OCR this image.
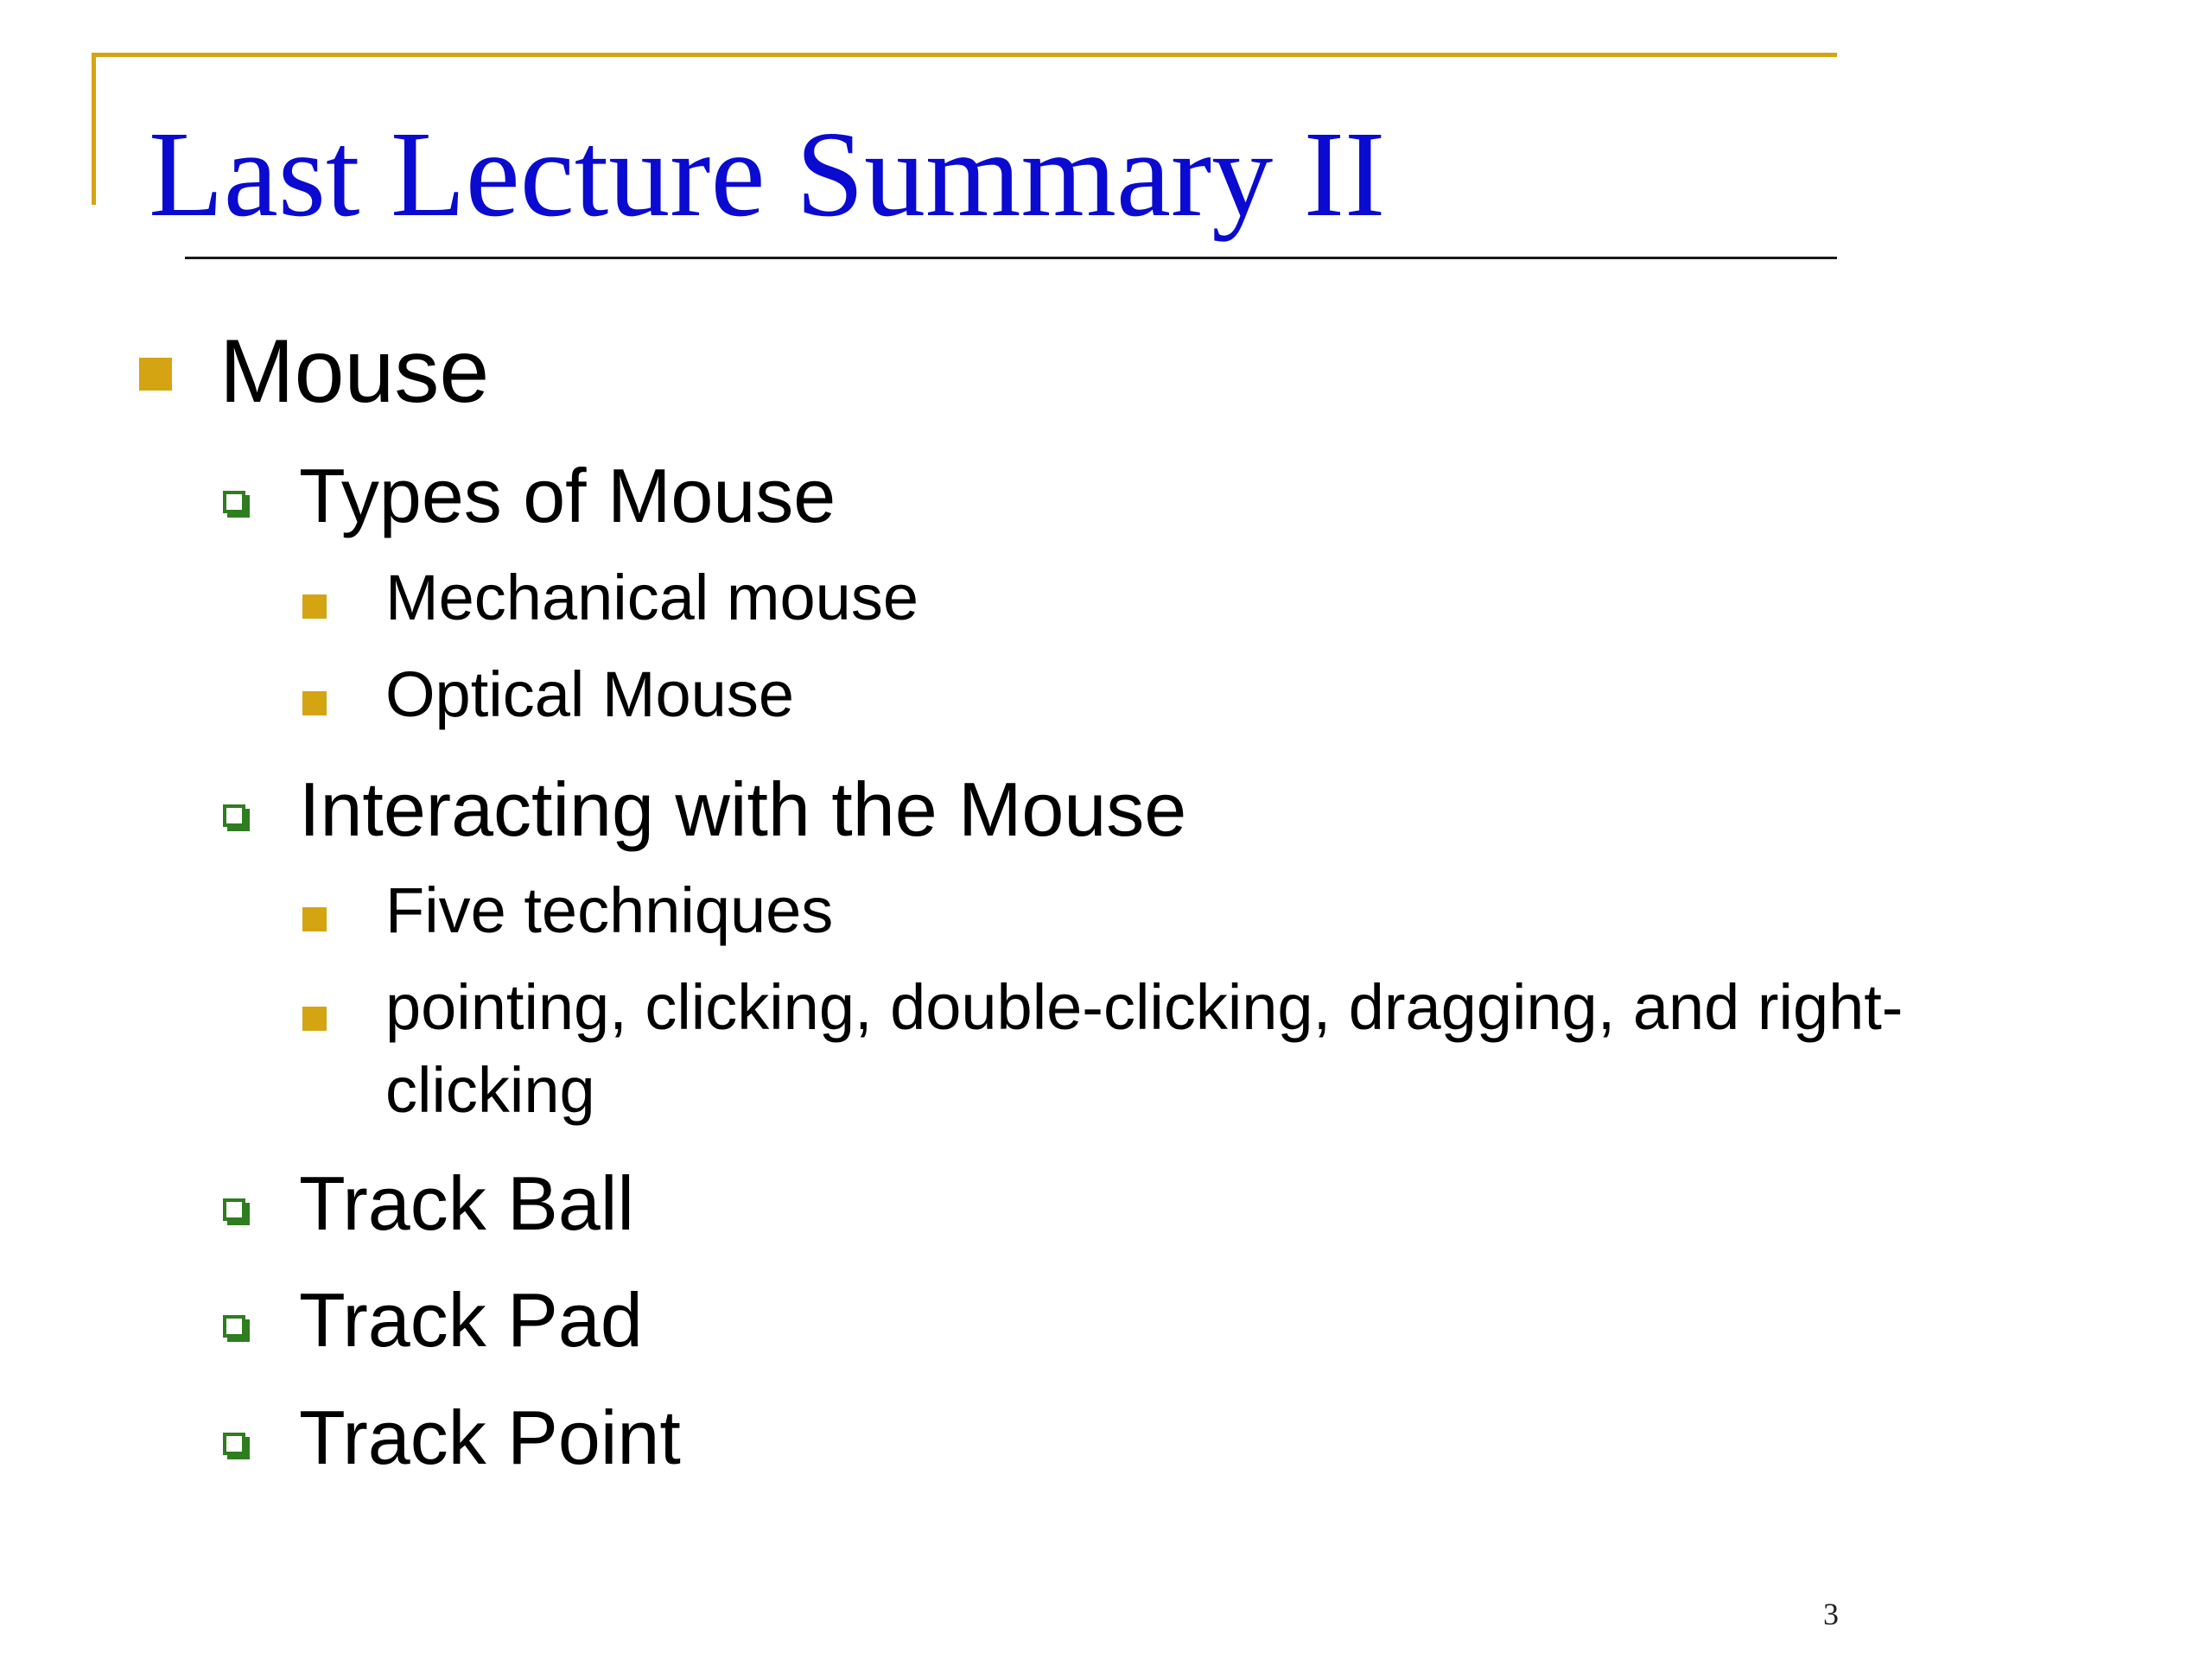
Last Lecture Summary II
Mouse
Types of Mouse
Mechanical mouse
Optical Mouse
Interacting with the Mouse
Five techniques
pointing, clicking, double-clicking, dragging, and right-clicking
Track Ball
Track Pad
Track Point
3
